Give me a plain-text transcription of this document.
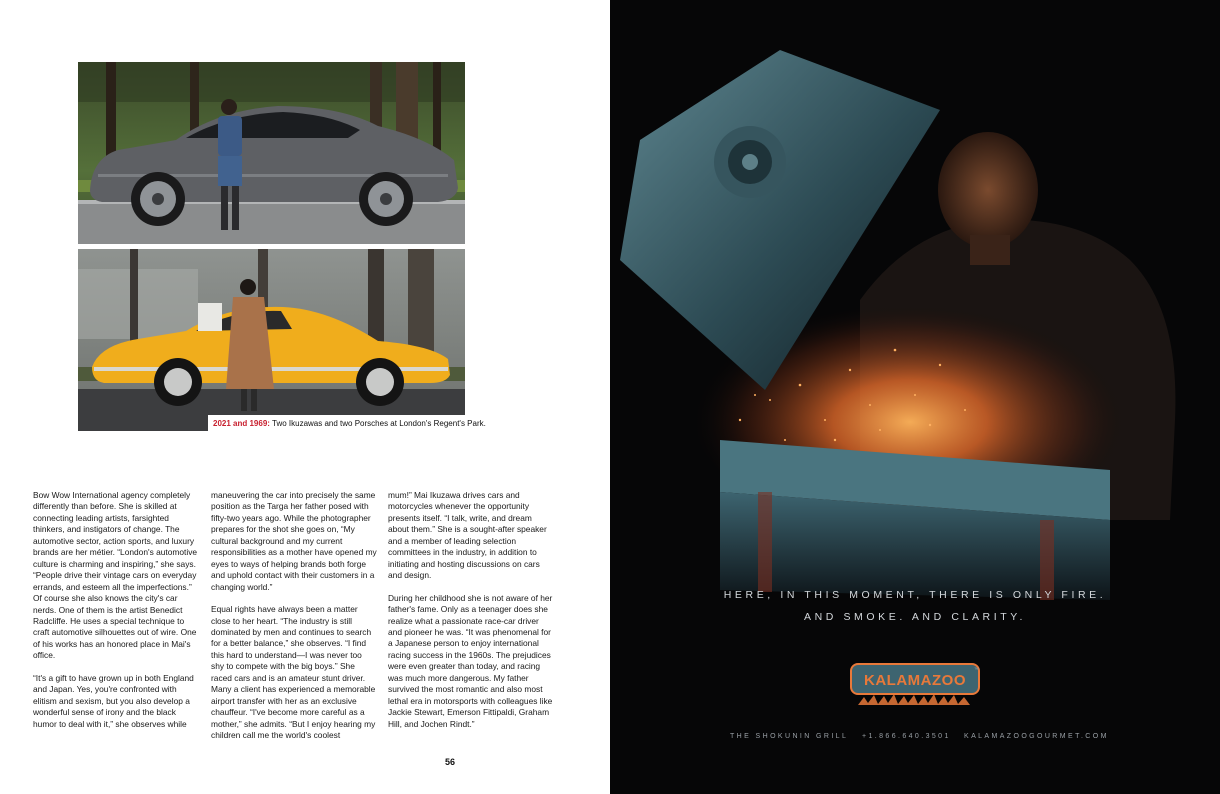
2021 and 1969: Two Ikuzawas and two Porsches at London's Regent's Park.

Bow Wow International agency completely differently than before. She is skilled at connecting leading artists, farsighted thinkers, and instigators of change. The automotive sector, action sports, and luxury brands are her métier. “London's automotive culture is charming and inspiring,” she says. “People drive their vintage cars on everyday errands, and esteem all the imperfections.” Of course she also knows the city's car nerds. One of them is the artist Benedict Radcliffe. He uses a special technique to craft automotive silhouettes out of wire. One of his works has an honored place in Mai's office.

“It's a gift to have grown up in both England and Japan. Yes, you're confronted with elitism and sexism, but you also develop a wonderful sense of irony and the black humor to deal with it,” she observes while

maneuvering the car into precisely the same position as the Targa her father posed with fifty-two years ago. While the photographer prepares for the shot she goes on, “My cultural background and my current responsibilities as a mother have opened my eyes to ways of helping brands both forge and uphold contact with their customers in a changing world.”

Equal rights have always been a matter close to her heart. “The industry is still dominated by men and continues to search for a better balance,” she observes. “I find this hard to understand—I was never too shy to compete with the big boys.” She raced cars and is an amateur stunt driver. Many a client has experienced a memorable airport transfer with her as an exclusive chauffeur. “I've become more careful as a mother,” she admits. “But I enjoy hearing my children call me the world's coolest

mum!” Mai Ikuzawa drives cars and motorcycles whenever the opportunity presents itself. “I talk, write, and dream about them.” She is a sought-after speaker and a member of leading selection committees in the industry, in addition to initiating and hosting discussions on cars and design.

During her childhood she is not aware of her father's fame. Only as a teenager does she realize what a passionate race-car driver and pioneer he was. “It was phenomenal for a Japanese person to enjoy international racing success in the 1960s. The prejudices were even greater than today, and racing was much more dangerous. My father survived the most romantic and also most lethal era in motorsports with colleagues like Jackie Stewart, Emerson Fittipaldi, Graham Hill, and Jochen Rindt.”

56
HERE, IN THIS MOMENT, THERE IS ONLY FIRE.
AND SMOKE. AND CLARITY.
KALAMAZOO
™
THE SHOKUNIN GRILL +1.866.640.3501 KALAMAZOOGOURMET.COM
